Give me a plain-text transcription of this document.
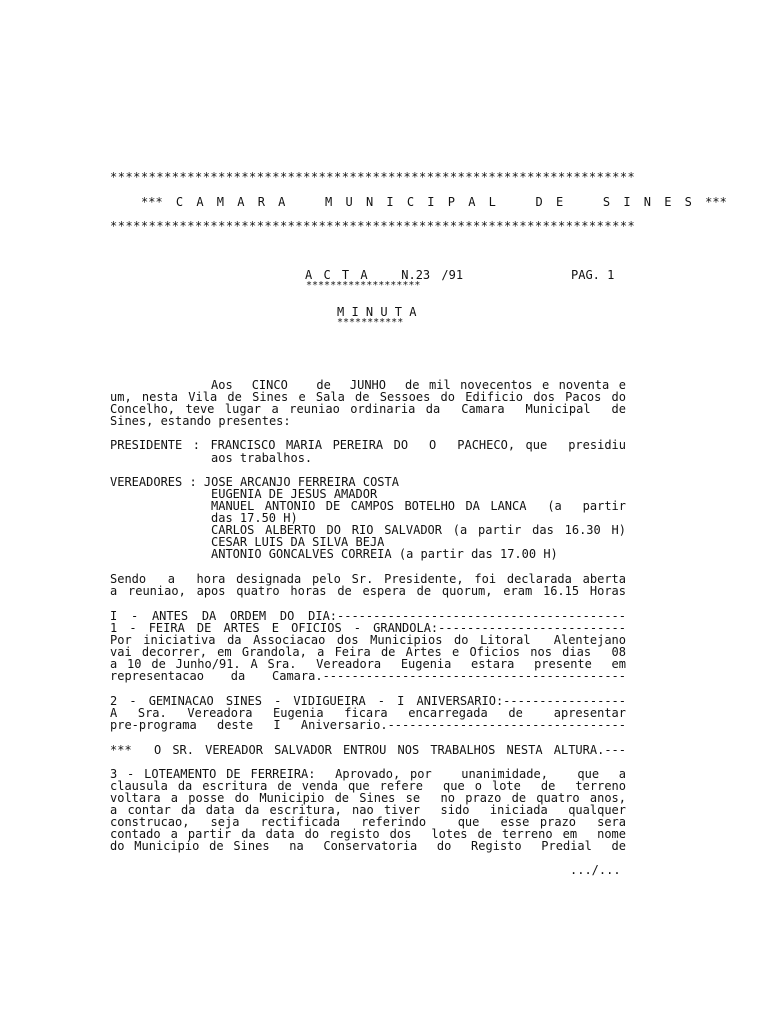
********************************************************************
*** C A M A R A   M U N I C I P A L   D E   S I N E S ***
********************************************************************
A C T A   N.23 /91	PAG. 1
*******************
M I N U T A
***********
Aos  CINCO   de  JUNHO  de mil novecentos e noventa e
um, nesta Vila de Sines e Sala de Sessoes do Edificio dos Pacos do
Concelho, teve lugar a reuniao ordinaria da  Camara  Municipal  de
Sines, estando presentes:
PRESIDENTE : FRANCISCO MARIA PEREIRA DO  O  PACHECO, que  presidiu
aos trabalhos.
VEREADORES : JOSE ARCANJO FERREIRA COSTA
EUGENIA DE JESUS AMADOR
MANUEL ANTONIO DE CAMPOS BOTELHO DA LANCA  (a  partir
das 17.50 H)
CARLOS ALBERTO DO RIO SALVADOR (a partir das 16.30 H)
CESAR LUIS DA SILVA BEJA
ANTONIO GONCALVES CORREIA (a partir das 17.00 H)
Sendo  a  hora designada pelo Sr. Presidente, foi declarada aberta
a reuniao, apos quatro horas de espera de quorum, eram 16.15 Horas
I - ANTES DA ORDEM DO DIA:----------------------------------------
1 - FEIRA DE ARTES E OFICIOS - GRANDOLA:--------------------------
Por iniciativa da Associacao dos Municipios do Litoral  Alentejano
vai decorrer, em Grandola, a Feira de Artes e Oficios nos dias  08
a 10 de Junho/91. A Sra.  Vereadora  Eugenia  estara  presente  em
representacao da Camara.------------------------------------------
2 - GEMINACAO SINES - VIDIGUEIRA - I ANIVERSARIO:-----------------
A  Sra.  Vereadora  Eugenia  ficara  encarregada  de   apresentar
pre-programa deste I Aniversario.---------------------------------
***  O SR. VEREADOR SALVADOR ENTROU NOS TRABALHOS NESTA ALTURA.---
3 - LOTEAMENTO DE FERREIRA:  Aprovado, por   unanimidade,   que  a
clausula da escritura de venda que refere  que o lote  de  terreno
voltara a posse do Municipio de Sines se  no prazo de quatro anos,
a contar da data da escritura, nao tiver  sido  iniciada  qualquer
construcao,  seja  rectificada  referindo   que  esse prazo  sera
contado a partir da data do registo dos  lotes de terreno em  nome
do Municipio de Sines  na  Conservatoria  do  Registo  Predial  de
.../...
